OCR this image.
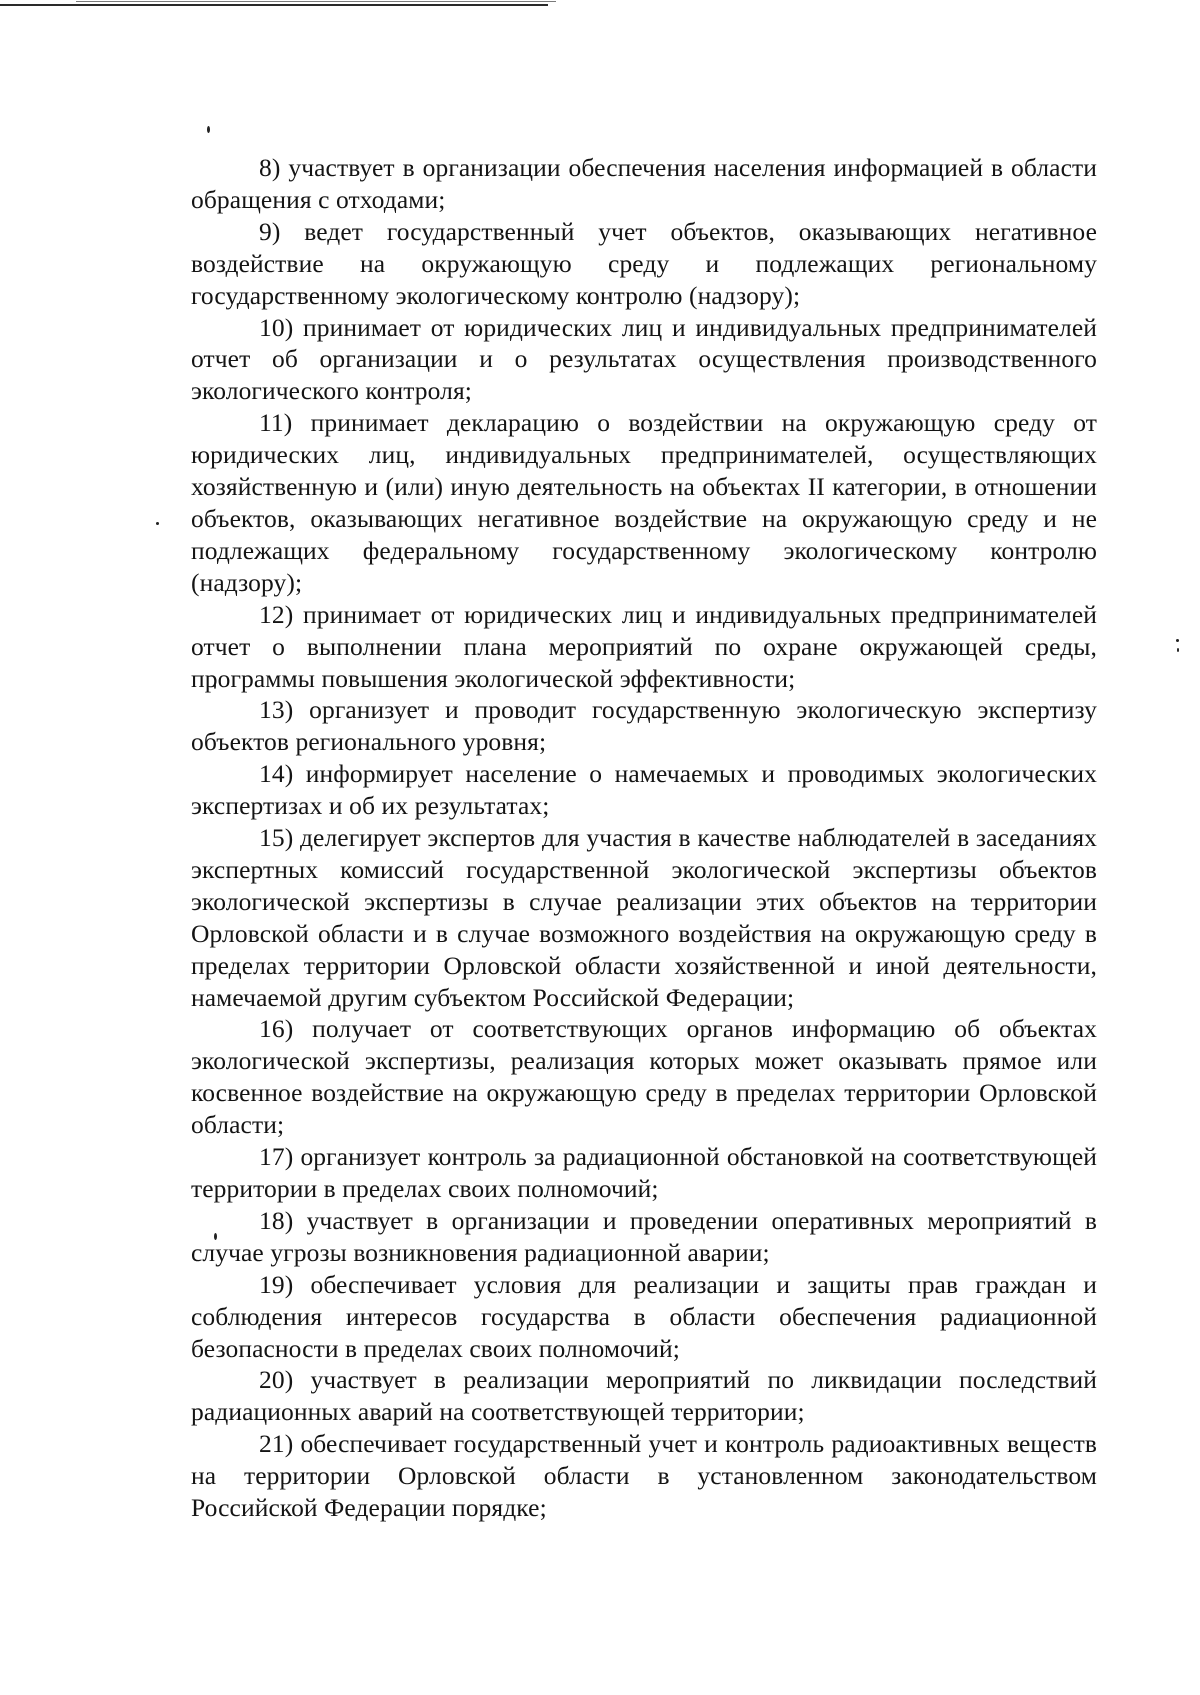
8) участвует в организации обеспечения населения информацией в области обращения с отходами;

9) ведет государственный учет объектов, оказывающих негативное воздействие на окружающую среду и подлежащих региональному государственному экологическому контролю (надзору);

10) принимает от юридических лиц и индивидуальных предпринимателей отчет об организации и о результатах осуществления производственного экологического контроля;

11) принимает декларацию о воздействии на окружающую среду от юридических лиц, индивидуальных предпринимателей, осуществляющих хозяйственную и (или) иную деятельность на объектах II категории, в отношении объектов, оказывающих негативное воздействие на окружающую среду и не подлежащих федеральному государственному экологическому контролю (надзору);

12) принимает от юридических лиц и индивидуальных предпринимателей отчет о выполнении плана мероприятий по охране окружающей среды, программы повышения экологической эффективности;

13) организует и проводит государственную экологическую экспертизу объектов регионального уровня;

14) информирует население о намечаемых и проводимых экологических экспертизах и об их результатах;

15) делегирует экспертов для участия в качестве наблюдателей в заседаниях экспертных комиссий государственной экологической экспертизы объектов экологической экспертизы в случае реализации этих объектов на территории Орловской области и в случае возможного воздействия на окружающую среду в пределах территории Орловской области хозяйственной и иной деятельности, намечаемой другим субъектом Российской Федерации;

16) получает от соответствующих органов информацию об объектах экологической экспертизы, реализация которых может оказывать прямое или косвенное воздействие на окружающую среду в пределах территории Орловской области;

17) организует контроль за радиационной обстановкой на соответствующей территории в пределах своих полномочий;

18) участвует в организации и проведении оперативных мероприятий в случае угрозы возникновения радиационной аварии;

19) обеспечивает условия для реализации и защиты прав граждан и соблюдения интересов государства в области обеспечения радиационной безопасности в пределах своих полномочий;

20) участвует в реализации мероприятий по ликвидации последствий радиационных аварий на соответствующей территории;

21) обеспечивает государственный учет и контроль радиоактивных веществ на территории Орловской области в установленном законодательством Российской Федерации порядке;
